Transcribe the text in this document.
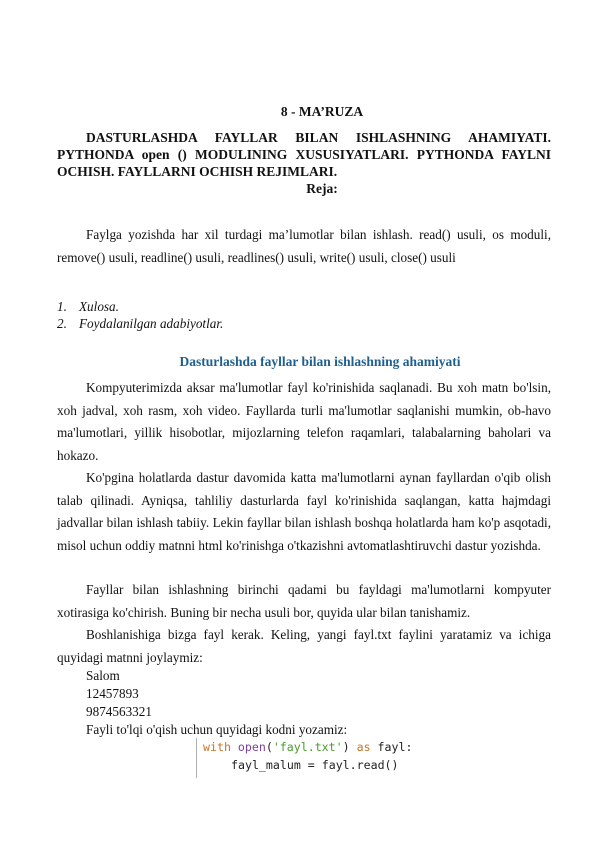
8 - MA’RUZA
DASTURLASHDA FAYLLAR BILAN ISHLASHNING AHAMIYATI. PYTHONDA open () MODULINING XUSUSIYATLARI. PYTHONDA FAYLNI OCHISH. FAYLLARNI OCHISH REJIMLARI.
Reja:
Faylga yozishda har xil turdagi ma’lumotlar bilan ishlash. read() usuli, os moduli, remove() usuli, readline() usuli, readlines() usuli, write() usuli, close() usuli
1. Xulosa.
2. Foydalanilgan adabiyotlar.
Dasturlashda fayllar bilan ishlashning ahamiyati
Kompyuterimizda aksar ma'lumotlar fayl ko'rinishida saqlanadi. Bu xoh matn bo'lsin, xoh jadval, xoh rasm, xoh video. Fayllarda turli ma'lumotlar saqlanishi mumkin, ob-havo ma'lumotlari, yillik hisobotlar, mijozlarning telefon raqamlari, talabalarning baholari va hokazo.
Ko'pgina holatlarda dastur davomida katta ma'lumotlarni aynan fayllardan o'qib olish talab qilinadi. Ayniqsa, tahliliy dasturlarda fayl ko'rinishida saqlangan, katta hajmdagi jadvallar bilan ishlash tabiiy. Lekin fayllar bilan ishlash boshqa holatlarda ham ko'p asqotadi, misol uchun oddiy matnni html ko'rinishga o'tkazishni avtomatlashtiruvchi dastur yozishda.
Fayllar bilan ishlashning birinchi qadami bu fayldagi ma'lumotlarni kompyuter xotirasiga ko'chirish. Buning bir necha usuli bor, quyida ular bilan tanishamiz.
Boshlanishiga bizga fayl kerak. Keling, yangi fayl.txt faylini yaratamiz va ichiga quyidagi matnni joylaymiz:
Salom
12457893
9874563321
Fayli to'lqi o'qish uchun quyidagi kodni yozamiz:
with open('fayl.txt') as fayl:
fayl_malum = fayl.read()
